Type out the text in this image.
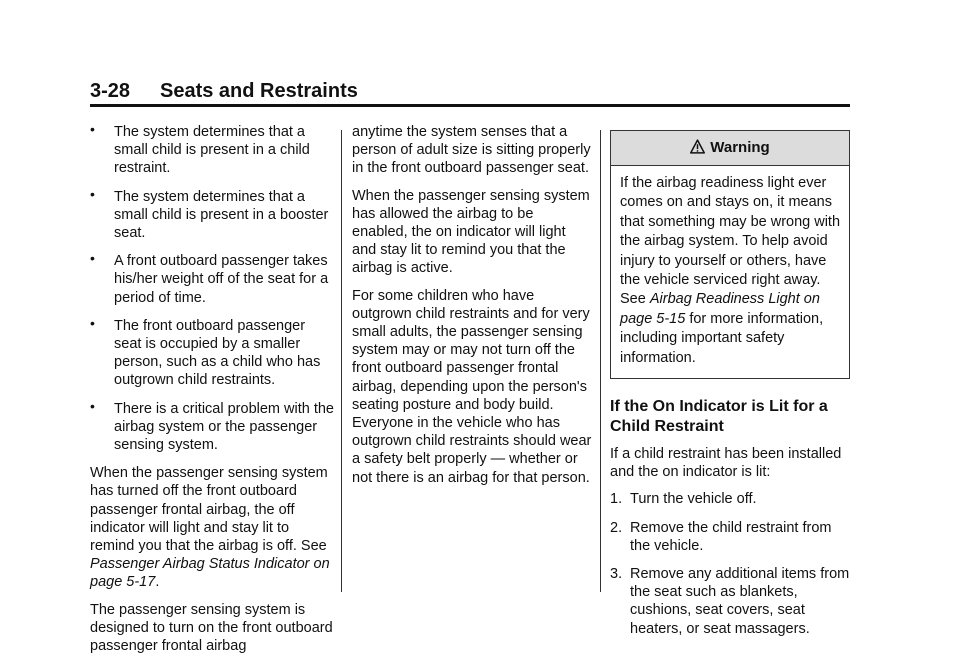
3-28 Seats and Restraints
•	The system determines that a small child is present in a child restraint.
•	The system determines that a small child is present in a booster seat.
•	A front outboard passenger takes his/her weight off of the seat for a period of time.
•	The front outboard passenger seat is occupied by a smaller person, such as a child who has outgrown child restraints.
•	There is a critical problem with the airbag system or the passenger sensing system.

When the passenger sensing system has turned off the front outboard passenger frontal airbag, the off indicator will light and stay lit to remind you that the airbag is off. See Passenger Airbag Status Indicator on page 5-17.

The passenger sensing system is designed to turn on the front outboard passenger frontal airbag

anytime the system senses that a person of adult size is sitting properly in the front outboard passenger seat.

When the passenger sensing system has allowed the airbag to be enabled, the on indicator will light and stay lit to remind you that the airbag is active.

For some children who have outgrown child restraints and for very small adults, the passenger sensing system may or may not turn off the front outboard passenger frontal airbag, depending upon the person's seating posture and body build. Everyone in the vehicle who has outgrown child restraints should wear a safety belt properly — whether or not there is an airbag for that person.

Warning
If the airbag readiness light ever comes on and stays on, it means that something may be wrong with the airbag system. To help avoid injury to yourself or others, have the vehicle serviced right away. See Airbag Readiness Light on page 5-15 for more information, including important safety information.
If the On Indicator is Lit for a Child Restraint

If a child restraint has been installed and the on indicator is lit:

1. Turn the vehicle off.
2. Remove the child restraint from the vehicle.
3. Remove any additional items from the seat such as blankets, cushions, seat covers, seat heaters, or seat massagers.
